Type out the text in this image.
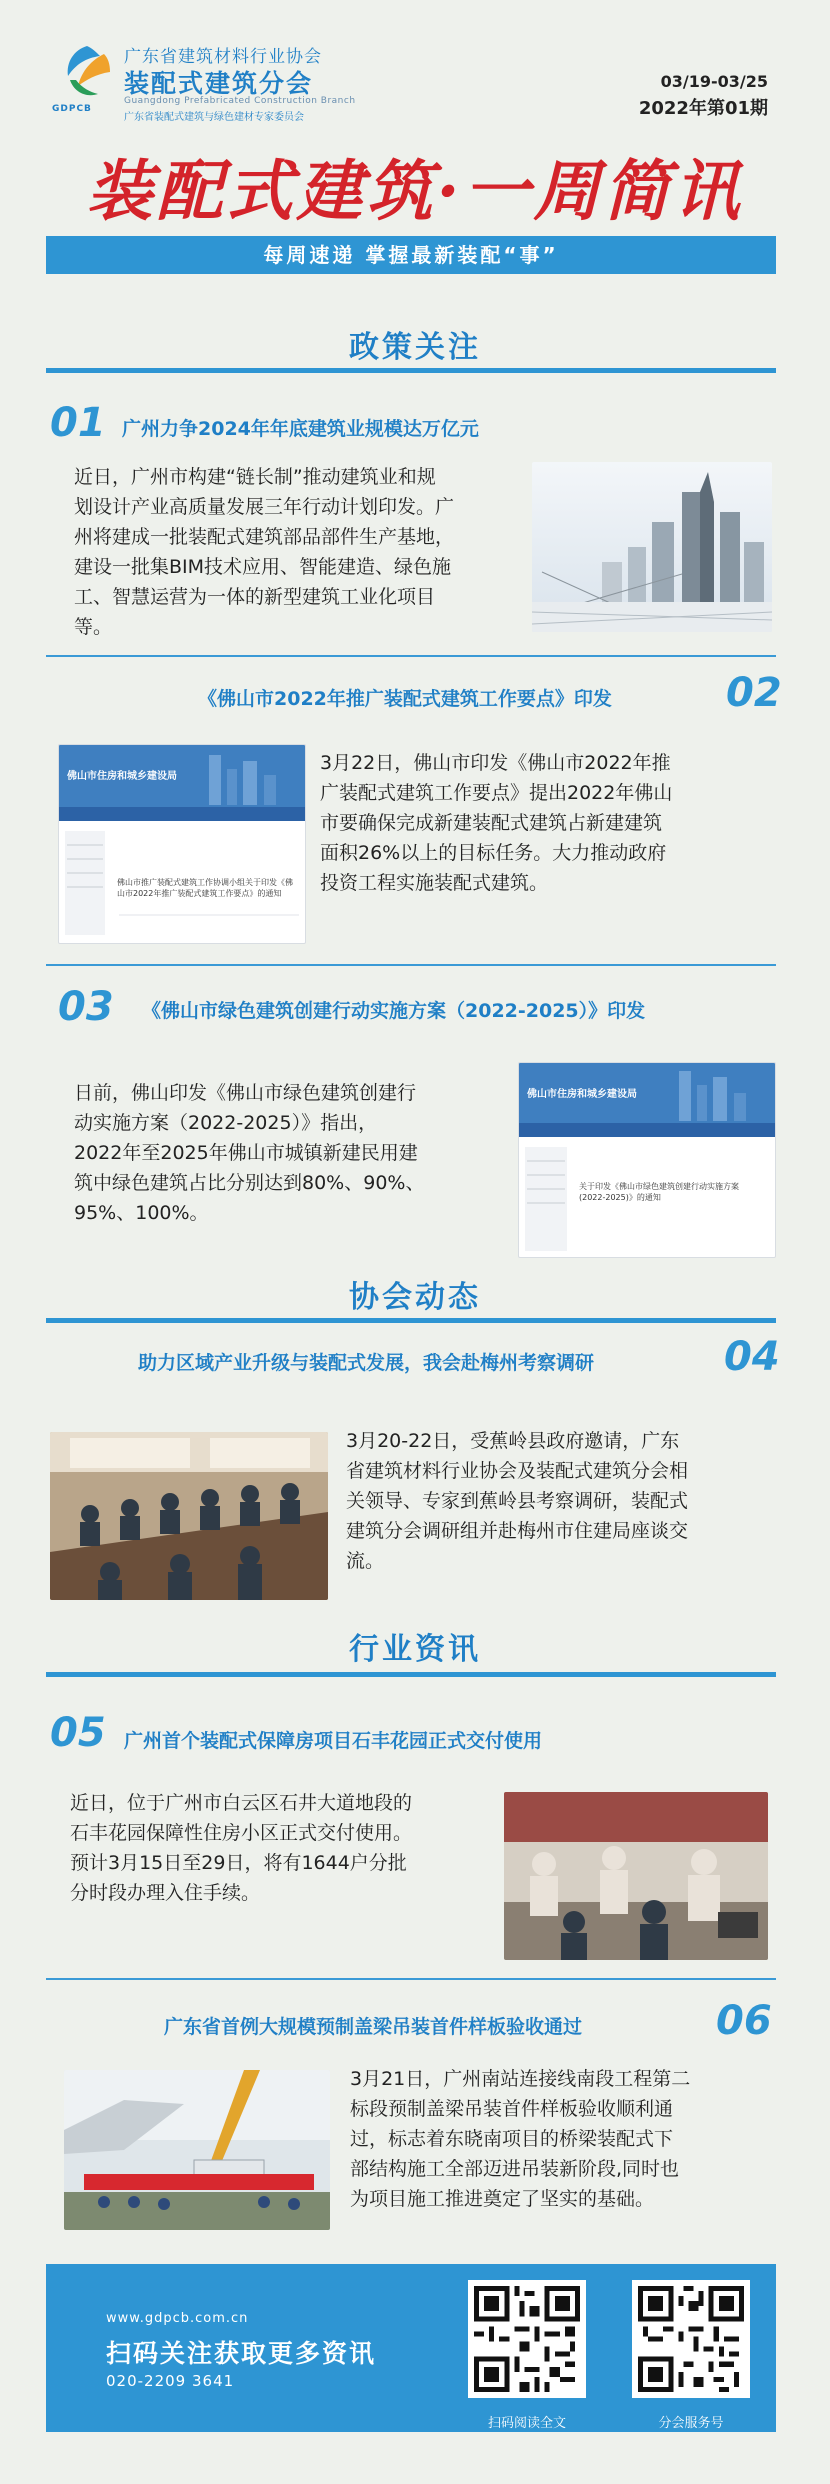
GDPCB
广东省建筑材料行业协会
装配式建筑分会
Guangdong Prefabricated Construction Branch
广东省装配式建筑与绿色建材专家委员会
03/19-03/25
2022年第01期
装配式建筑·一周简讯
每周速递 掌握最新装配“事”
政策关注
01 广州力争2024年年底建筑业规模达万亿元
近日，广州市构建“链长制”推动建筑业和规
划设计产业高质量发展三年行动计划印发。广
州将建成一批装配式建筑部品部件生产基地，
建设一批集BIM技术应用、智能建造、绿色施
工、智慧运营为一体的新型建筑工业化项目
等。
《佛山市2022年推广装配式建筑工作要点》印发	02
佛山市住房和城乡建设局
佛山市推广装配式建筑工作协调小组关于印发《佛
山市2022年推广装配式建筑工作要点》的通知
3月22日，佛山市印发《佛山市2022年推
广装配式建筑工作要点》提出2022年佛山
市要确保完成新建装配式建筑占新建建筑
面积26%以上的目标任务。大力推动政府
投资工程实施装配式建筑。
03 《佛山市绿色建筑创建行动实施方案（2022-2025）》印发
日前，佛山印发《佛山市绿色建筑创建行
动实施方案（2022-2025）》指出，
2022年至2025年佛山市城镇新建民用建
筑中绿色建筑占比分别达到80%、90%、
95%、100%。
佛山市住房和城乡建设局
关于印发《佛山市绿色建筑创建行动实施方案
(2022-2025)》的通知
协会动态
助力区域产业升级与装配式发展，我会赴梅州考察调研	04
3月20-22日，受蕉岭县政府邀请，广东
省建筑材料行业协会及装配式建筑分会相
关领导、专家到蕉岭县考察调研，装配式
建筑分会调研组并赴梅州市住建局座谈交
流。
行业资讯
05 广州首个装配式保障房项目石丰花园正式交付使用
近日，位于广州市白云区石井大道地段的
石丰花园保障性住房小区正式交付使用。
预计3月15日至29日，将有1644户分批
分时段办理入住手续。
广东省首例大规模预制盖梁吊装首件样板验收通过	06
3月21日，广州南站连接线南段工程第二
标段预制盖梁吊装首件样板验收顺利通
过，标志着东晓南项目的桥梁装配式下
部结构施工全部迈进吊装新阶段,同时也
为项目施工推进奠定了坚实的基础。
www.gdpcb.com.cn
扫码关注获取更多资讯
020-2209 3641
扫码阅读全文	分会服务号
